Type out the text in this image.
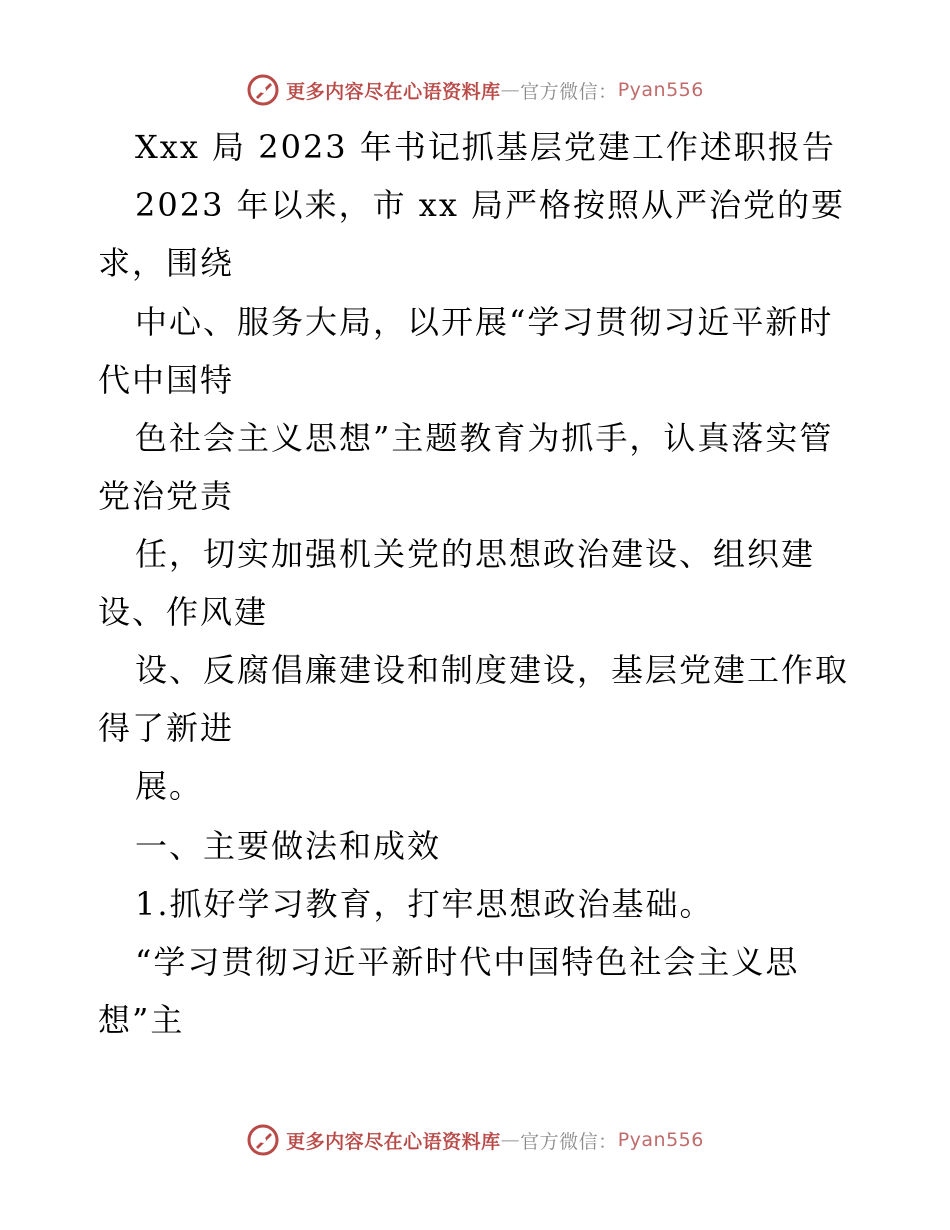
更多内容尽在心语资料库 — 官方微信： Pyan556
Xxx 局 2023 年书记抓基层党建工作述职报告
2023 年以来，市 xx 局严格按照从严治党的要
求，围绕
中心、服务大局，以开展“学习贯彻习近平新时
代中国特
色社会主义思想”主题教育为抓手，认真落实管
党治党责
任，切实加强机关党的思想政治建设、组织建
设、作风建
设、反腐倡廉建设和制度建设，基层党建工作取
得了新进
展。
一、主要做法和成效
1.抓好学习教育，打牢思想政治基础。
“学习贯彻习近平新时代中国特色社会主义思
想”主
更多内容尽在心语资料库 — 官方微信： Pyan556
